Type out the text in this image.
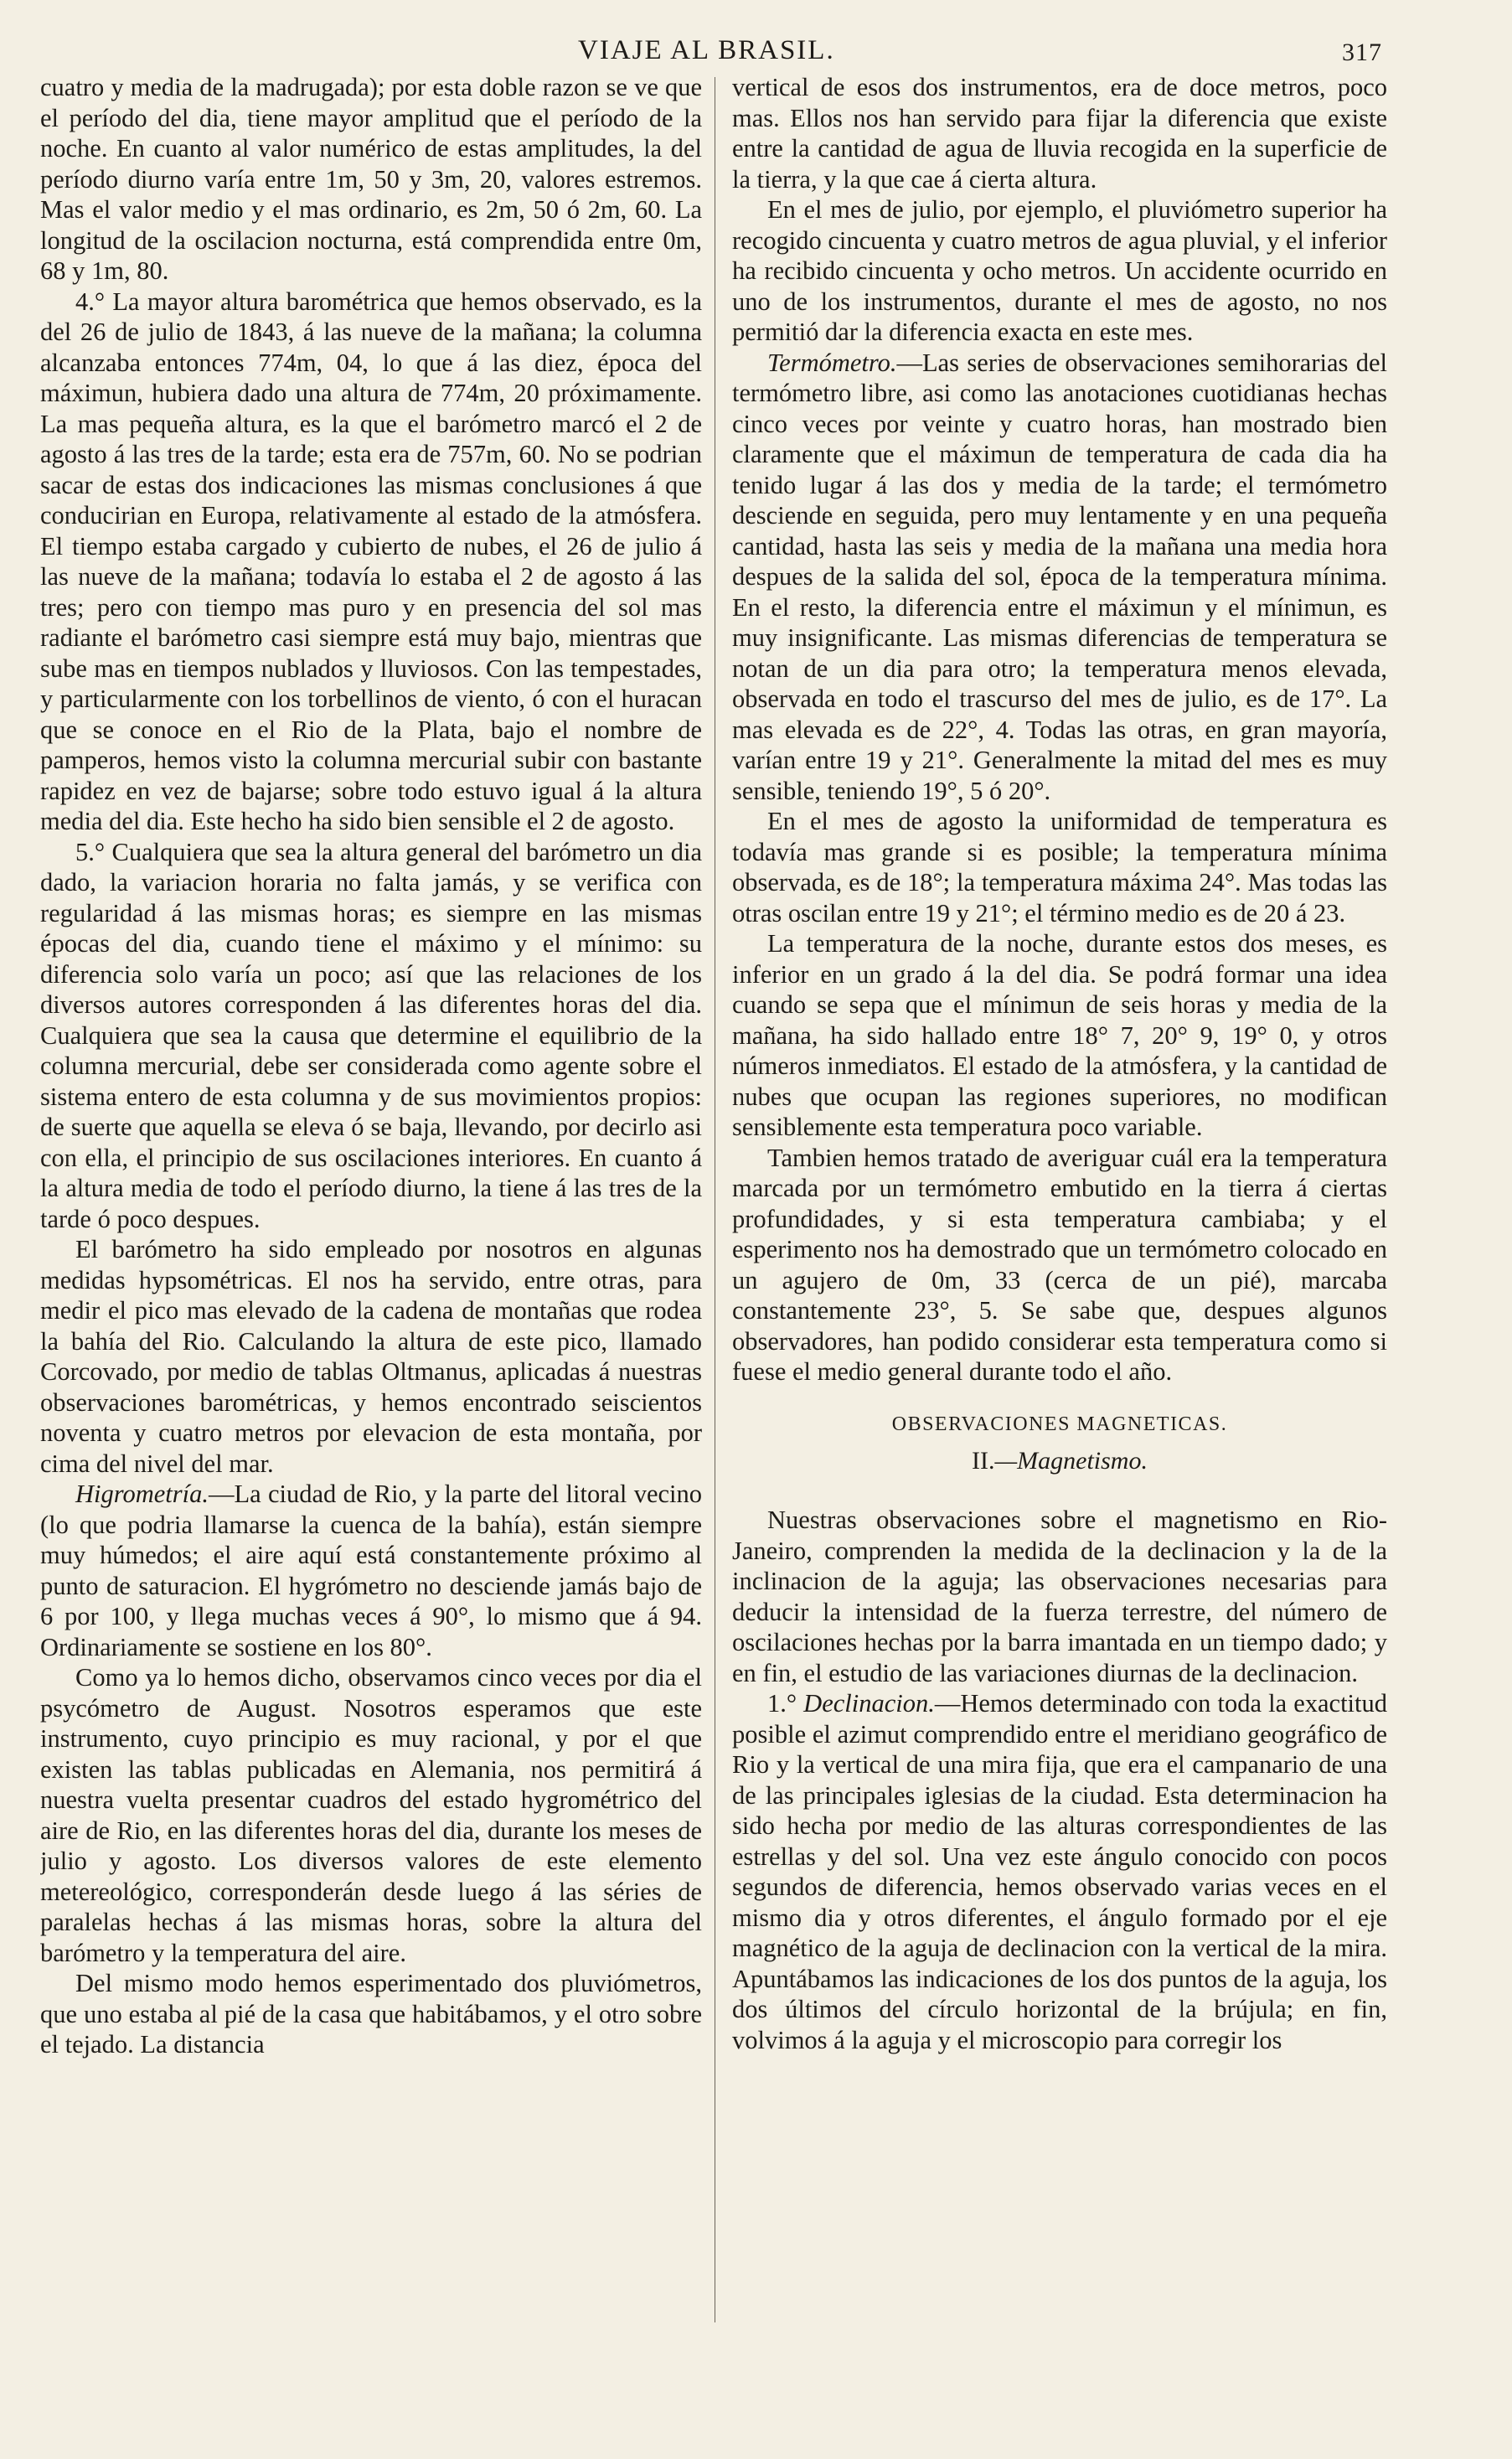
VIAJE AL BRASIL.	317

cuatro y media de la madrugada); por esta doble razon se ve que el período del dia, tiene mayor amplitud que el período de la noche. En cuanto al valor numérico de estas amplitudes, la del período diurno varía entre 1m, 50 y 3m, 20, valores estremos. Mas el valor medio y el mas ordinario, es 2m, 50 ó 2m, 60. La longitud de la oscilacion nocturna, está comprendida entre 0m, 68 y 1m, 80.

4.° La mayor altura barométrica que hemos observado, es la del 26 de julio de 1843, á las nueve de la mañana; la columna alcanzaba entonces 774m, 04, lo que á las diez, época del máximun, hubiera dado una altura de 774m, 20 próximamente. La mas pequeña altura, es la que el barómetro marcó el 2 de agosto á las tres de la tarde; esta era de 757m, 60. No se podrian sacar de estas dos indicaciones las mismas conclusiones á que conducirian en Europa, relativamente al estado de la atmósfera. El tiempo estaba cargado y cubierto de nubes, el 26 de julio á las nueve de la mañana; todavía lo estaba el 2 de agosto á las tres; pero con tiempo mas puro y en presencia del sol mas radiante el barómetro casi siempre está muy bajo, mientras que sube mas en tiempos nublados y lluviosos. Con las tempestades, y particularmente con los torbellinos de viento, ó con el huracan que se conoce en el Rio de la Plata, bajo el nombre de pamperos, hemos visto la columna mercurial subir con bastante rapidez en vez de bajarse; sobre todo estuvo igual á la altura media del dia. Este hecho ha sido bien sensible el 2 de agosto.

5.° Cualquiera que sea la altura general del barómetro un dia dado, la variacion horaria no falta jamás, y se verifica con regularidad á las mismas horas; es siempre en las mismas épocas del dia, cuando tiene el máximo y el mínimo: su diferencia solo varía un poco; así que las relaciones de los diversos autores corresponden á las diferentes horas del dia. Cualquiera que sea la causa que determine el equilibrio de la columna mercurial, debe ser considerada como agente sobre el sistema entero de esta columna y de sus movimientos propios: de suerte que aquella se eleva ó se baja, llevando, por decirlo asi con ella, el principio de sus oscilaciones interiores. En cuanto á la altura media de todo el período diurno, la tiene á las tres de la tarde ó poco despues.

El barómetro ha sido empleado por nosotros en algunas medidas hypsométricas. El nos ha servido, entre otras, para medir el pico mas elevado de la cadena de montañas que rodea la bahía del Rio. Calculando la altura de este pico, llamado Corcovado, por medio de tablas Oltmanus, aplicadas á nuestras observaciones barométricas, y hemos encontrado seiscientos noventa y cuatro metros por elevacion de esta montaña, por cima del nivel del mar.

Higrometría.—La ciudad de Rio, y la parte del litoral vecino (lo que podria llamarse la cuenca de la bahía), están siempre muy húmedos; el aire aquí está constantemente próximo al punto de saturacion. El hygrómetro no desciende jamás bajo de 6 por 100, y llega muchas veces á 90°, lo mismo que á 94. Ordinariamente se sostiene en los 80°.

Como ya lo hemos dicho, observamos cinco veces por dia el psycómetro de August. Nosotros esperamos que este instrumento, cuyo principio es muy racional, y por el que existen las tablas publicadas en Alemania, nos permitirá á nuestra vuelta presentar cuadros del estado hygrométrico del aire de Rio, en las diferentes horas del dia, durante los meses de julio y agosto. Los diversos valores de este elemento metereológico, corresponderán desde luego á las séries de paralelas hechas á las mismas horas, sobre la altura del barómetro y la temperatura del aire.

Del mismo modo hemos esperimentado dos pluviómetros, que uno estaba al pié de la casa que habitábamos, y el otro sobre el tejado. La distancia

vertical de esos dos instrumentos, era de doce metros, poco mas. Ellos nos han servido para fijar la diferencia que existe entre la cantidad de agua de lluvia recogida en la superficie de la tierra, y la que cae á cierta altura.

En el mes de julio, por ejemplo, el pluviómetro superior ha recogido cincuenta y cuatro metros de agua pluvial, y el inferior ha recibido cincuenta y ocho metros. Un accidente ocurrido en uno de los instrumentos, durante el mes de agosto, no nos permitió dar la diferencia exacta en este mes.

Termómetro.—Las series de observaciones semihorarias del termómetro libre, asi como las anotaciones cuotidianas hechas cinco veces por veinte y cuatro horas, han mostrado bien claramente que el máximun de temperatura de cada dia ha tenido lugar á las dos y media de la tarde; el termómetro desciende en seguida, pero muy lentamente y en una pequeña cantidad, hasta las seis y media de la mañana una media hora despues de la salida del sol, época de la temperatura mínima. En el resto, la diferencia entre el máximun y el mínimun, es muy insignificante. Las mismas diferencias de temperatura se notan de un dia para otro; la temperatura menos elevada, observada en todo el trascurso del mes de julio, es de 17°. La mas elevada es de 22°, 4. Todas las otras, en gran mayoría, varían entre 19 y 21°. Generalmente la mitad del mes es muy sensible, teniendo 19°, 5 ó 20°.

En el mes de agosto la uniformidad de temperatura es todavía mas grande si es posible; la temperatura mínima observada, es de 18°; la temperatura máxima 24°. Mas todas las otras oscilan entre 19 y 21°; el término medio es de 20 á 23.

La temperatura de la noche, durante estos dos meses, es inferior en un grado á la del dia. Se podrá formar una idea cuando se sepa que el mínimun de seis horas y media de la mañana, ha sido hallado entre 18° 7, 20° 9, 19° 0, y otros números inmediatos. El estado de la atmósfera, y la cantidad de nubes que ocupan las regiones superiores, no modifican sensiblemente esta temperatura poco variable.

Tambien hemos tratado de averiguar cuál era la temperatura marcada por un termómetro embutido en la tierra á ciertas profundidades, y si esta temperatura cambiaba; y el esperimento nos ha demostrado que un termómetro colocado en un agujero de 0m, 33 (cerca de un pié), marcaba constantemente 23°, 5. Se sabe que, despues algunos observadores, han podido considerar esta temperatura como si fuese el medio general durante todo el año.

OBSERVACIONES MAGNETICAS.
II.—Magnetismo.

Nuestras observaciones sobre el magnetismo en Rio-Janeiro, comprenden la medida de la declinacion y la de la inclinacion de la aguja; las observaciones necesarias para deducir la intensidad de la fuerza terrestre, del número de oscilaciones hechas por la barra imantada en un tiempo dado; y en fin, el estudio de las variaciones diurnas de la declinacion.

1.° Declinacion.—Hemos determinado con toda la exactitud posible el azimut comprendido entre el meridiano geográfico de Rio y la vertical de una mira fija, que era el campanario de una de las principales iglesias de la ciudad. Esta determinacion ha sido hecha por medio de las alturas correspondientes de las estrellas y del sol. Una vez este ángulo conocido con pocos segundos de diferencia, hemos observado varias veces en el mismo dia y otros diferentes, el ángulo formado por el eje magnético de la aguja de declinacion con la vertical de la mira. Apuntábamos las indicaciones de los dos puntos de la aguja, los dos últimos del círculo horizontal de la brújula; en fin, volvimos á la aguja y el microscopio para corregir los
